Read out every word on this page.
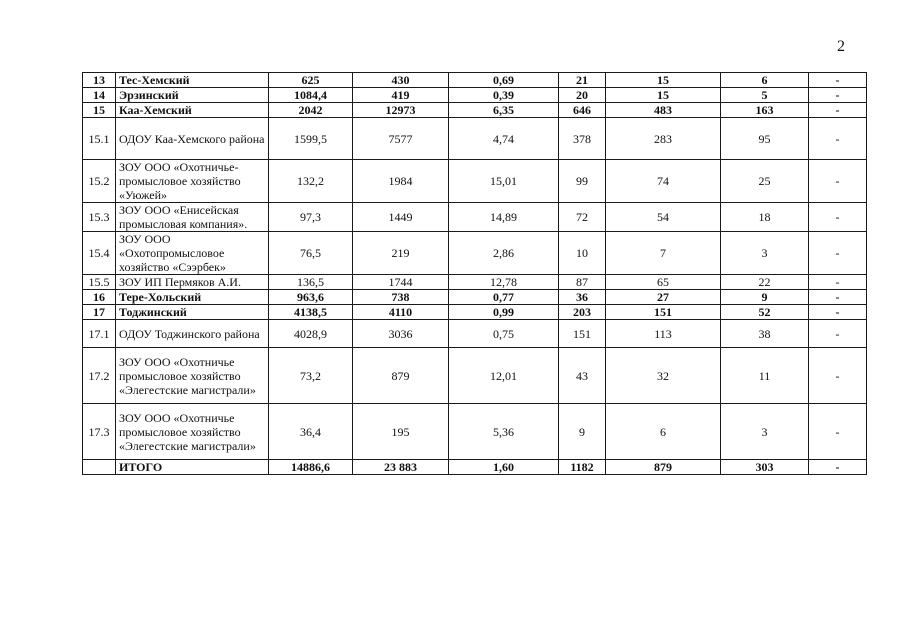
2
13	Тес-Хемский	625	430	0,69	21	15	6	-
14	Эрзинский	1084,4	419	0,39	20	15	5	-
15	Каа-Хемский	2042	12973	6,35	646	483	163	-
15.1	ОДОУ Каа-Хемского района	1599,5	7577	4,74	378	283	95	-
15.2	ЗОУ ООО «Охотничье-промысловое хозяйство «Уюжей»	132,2	1984	15,01	99	74	25	-
15.3	ЗОУ ООО «Енисейская промысловая компания».	97,3	1449	14,89	72	54	18	-
15.4	ЗОУ ООО «Охотопромысловое хозяйство «Сээрбек»	76,5	219	2,86	10	7	3	-
15.5	ЗОУ ИП Пермяков А.И.	136,5	1744	12,78	87	65	22	-
16	Тере-Хольский	963,6	738	0,77	36	27	9	-
17	Тоджинский	4138,5	4110	0,99	203	151	52	-
17.1	ОДОУ Тоджинского района	4028,9	3036	0,75	151	113	38	-
17.2	ЗОУ ООО «Охотничье промысловое хозяйство «Элегестские магистрали»	73,2	879	12,01	43	32	11	-
17.3	ЗОУ ООО «Охотничье промысловое хозяйство «Элегестские магистрали»	36,4	195	5,36	9	6	3	-
	ИТОГО	14886,6	23 883	1,60	1182	879	303	-
